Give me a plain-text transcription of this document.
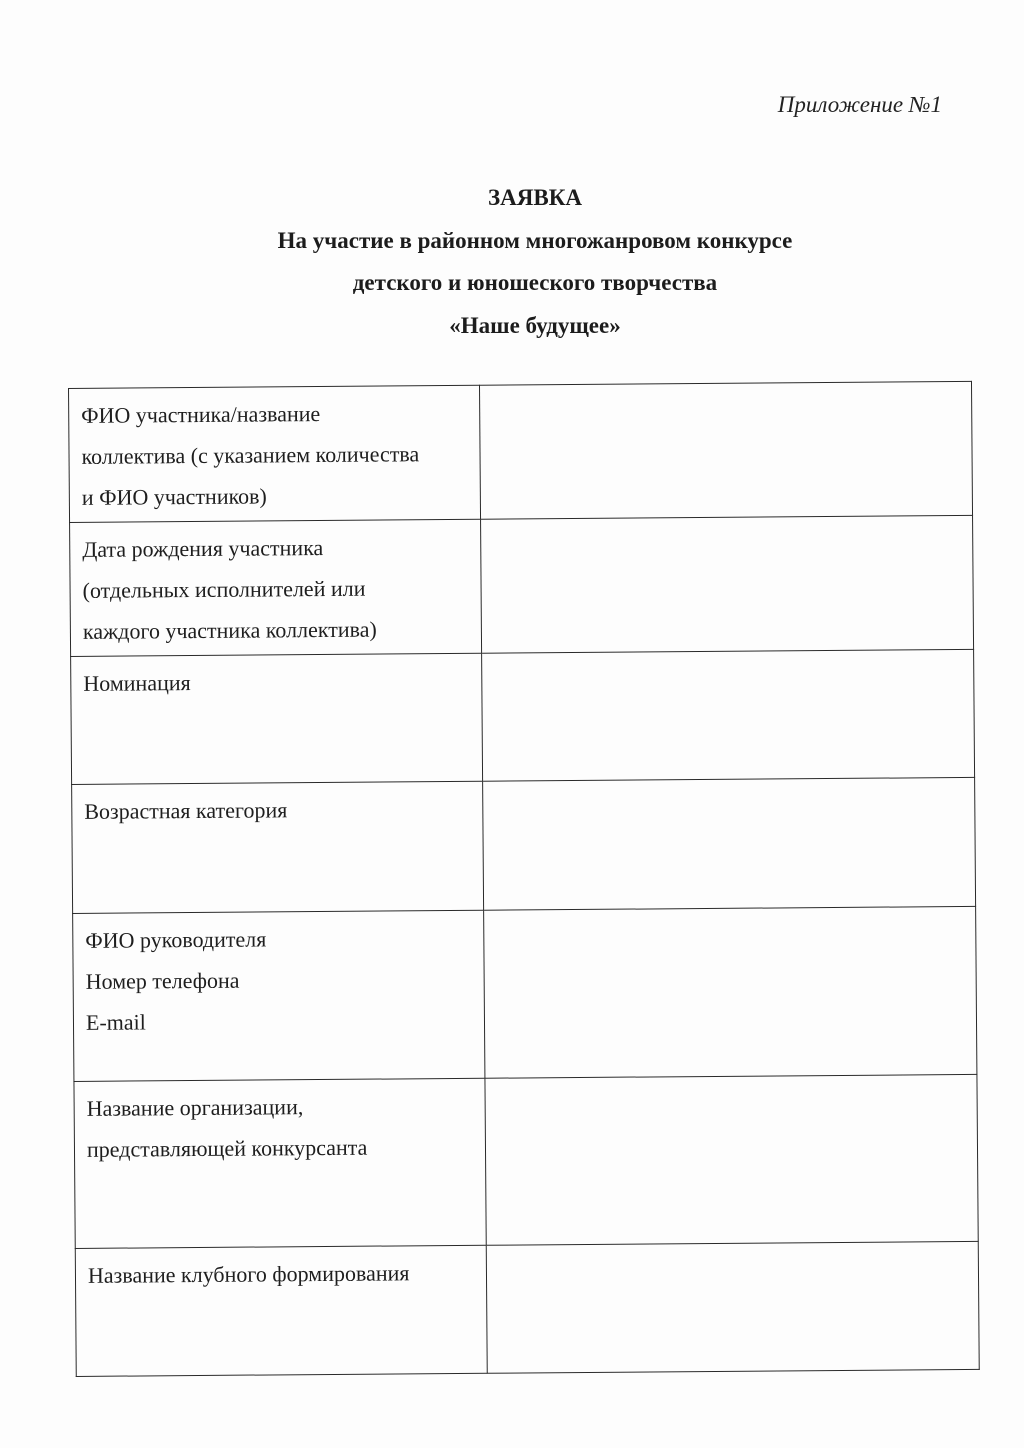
Приложение №1
ЗАЯВКА
На участие в районном многожанровом конкурсе
детского и юношеского творчества
«Наше будущее»
ФИО участника/название
коллектива (с указанием количества
и ФИО участников)	

Дата рождения участника
(отдельных исполнителей или
каждого участника коллектива)	

Номинация	

Возрастная категория	

ФИО руководителя
Номер телефона
E-mail	

Название организации,
представляющей конкурсанта	

Название клубного формирования	
